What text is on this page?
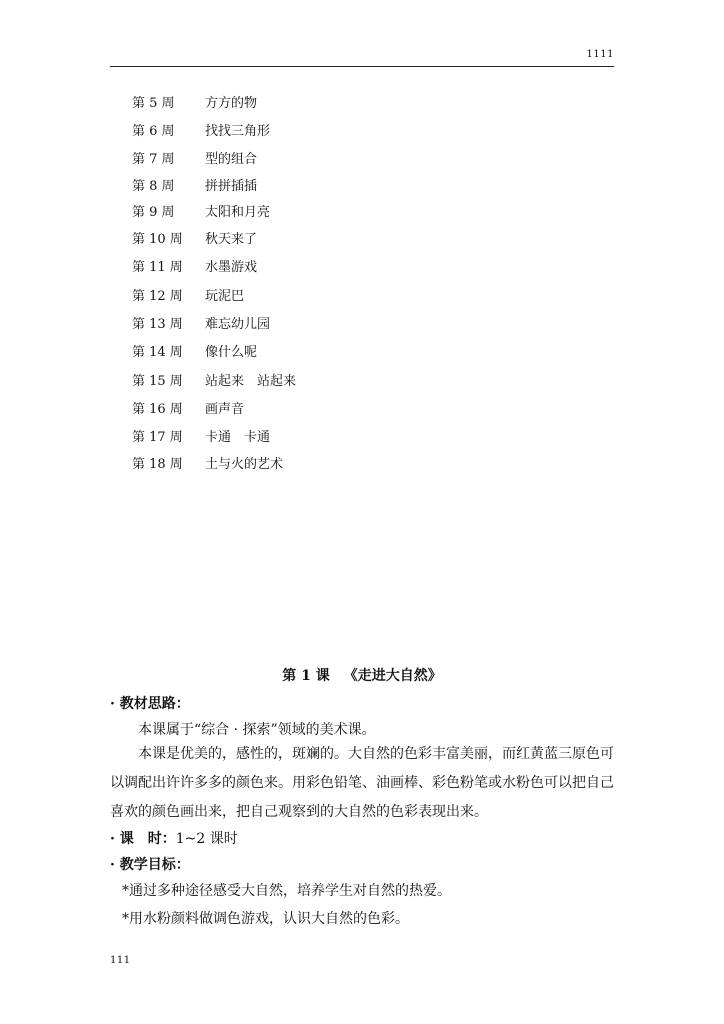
1111
第 5 周 方方的物
第 6 周 找找三角形
第 7 周 型的组合
第 8 周 拼拼插插
第 9 周 太阳和月亮
第 10 周 秋天来了
第 11 周 水墨游戏
第 12 周 玩泥巴
第 13 周 难忘幼儿园
第 14 周 像什么呢
第 15 周 站起来　站起来
第 16 周 画声音
第 17 周 卡通　卡通
第 18 周 土与火的艺术
第 1 课 《走进大自然》
· 教材思路：
本课属于“综合 · 探索”领域的美术课。
本课是优美的，感性的，斑斓的。大自然的色彩丰富美丽，而红黄蓝三原色可以调配出许许多多的颜色来。用彩色铅笔、油画棒、彩色粉笔或水粉色可以把自己喜欢的颜色画出来，把自己观察到的大自然的色彩表现出来。
· 课　时：1~2 课时
· 教学目标：
*通过多种途径感受大自然，培养学生对自然的热爱。
*用水粉颜料做调色游戏，认识大自然的色彩。
111
